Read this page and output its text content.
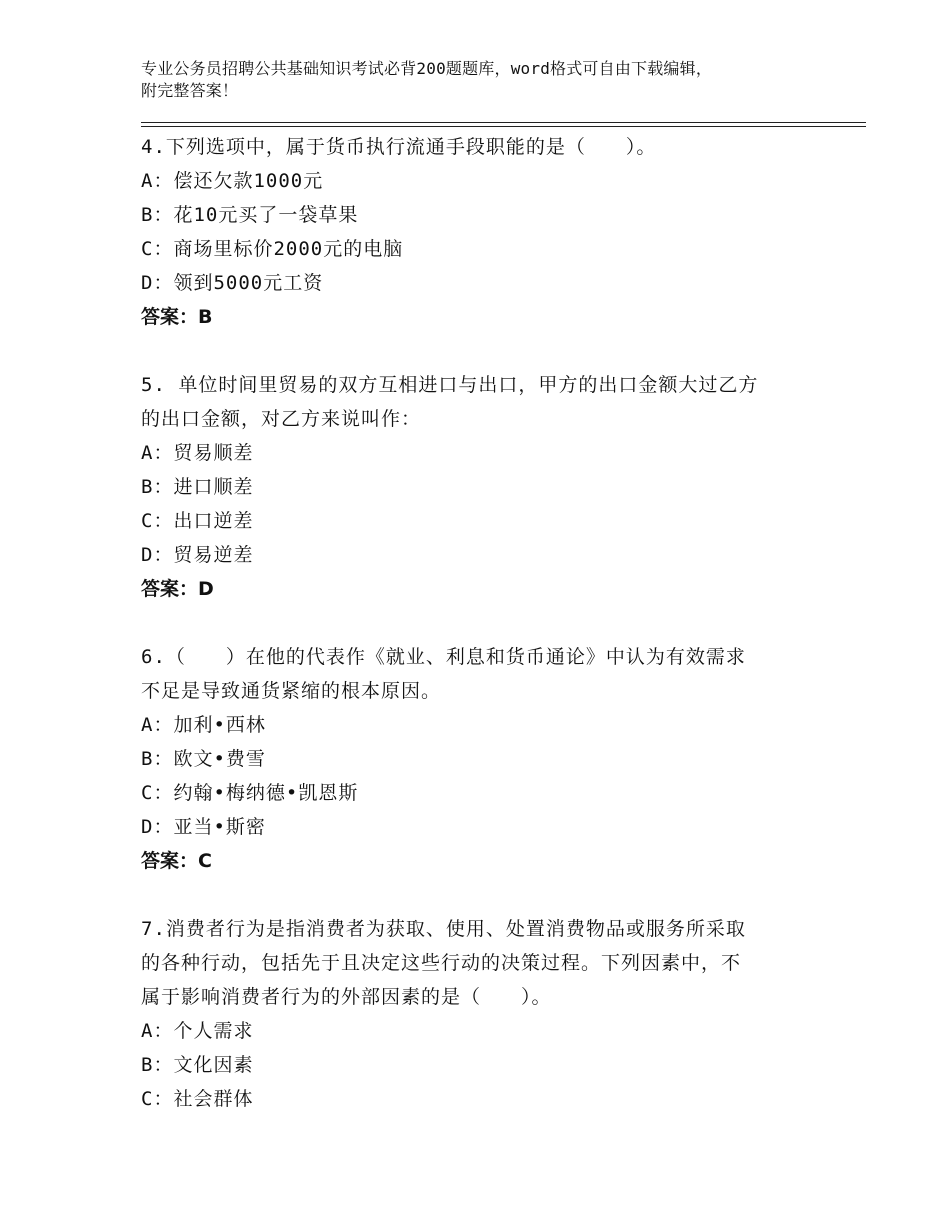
专业公务员招聘公共基础知识考试必背200题题库，word格式可自由下载编辑，
附完整答案！
4.下列选项中，属于货币执行流通手段职能的是（　　）。
A：偿还欠款1000元
B：花10元买了一袋草果
C：商场里标价2000元的电脑
D：领到5000元工资
答案：B
5. 单位时间里贸易的双方互相进口与出口，甲方的出口金额大过乙方
的出口金额，对乙方来说叫作：
A：贸易顺差
B：进口顺差
C：出口逆差
D：贸易逆差
答案：D
6.（　　）在他的代表作《就业、利息和货币通论》中认为有效需求
不足是导致通货紧缩的根本原因。
A：加利•西林
B：欧文•费雪
C：约翰•梅纳德•凯恩斯
D：亚当•斯密
答案：C
7.消费者行为是指消费者为获取、使用、处置消费物品或服务所采取
的各种行动，包括先于且决定这些行动的决策过程。下列因素中，不
属于影响消费者行为的外部因素的是（　　）。
A：个人需求
B：文化因素
C：社会群体
